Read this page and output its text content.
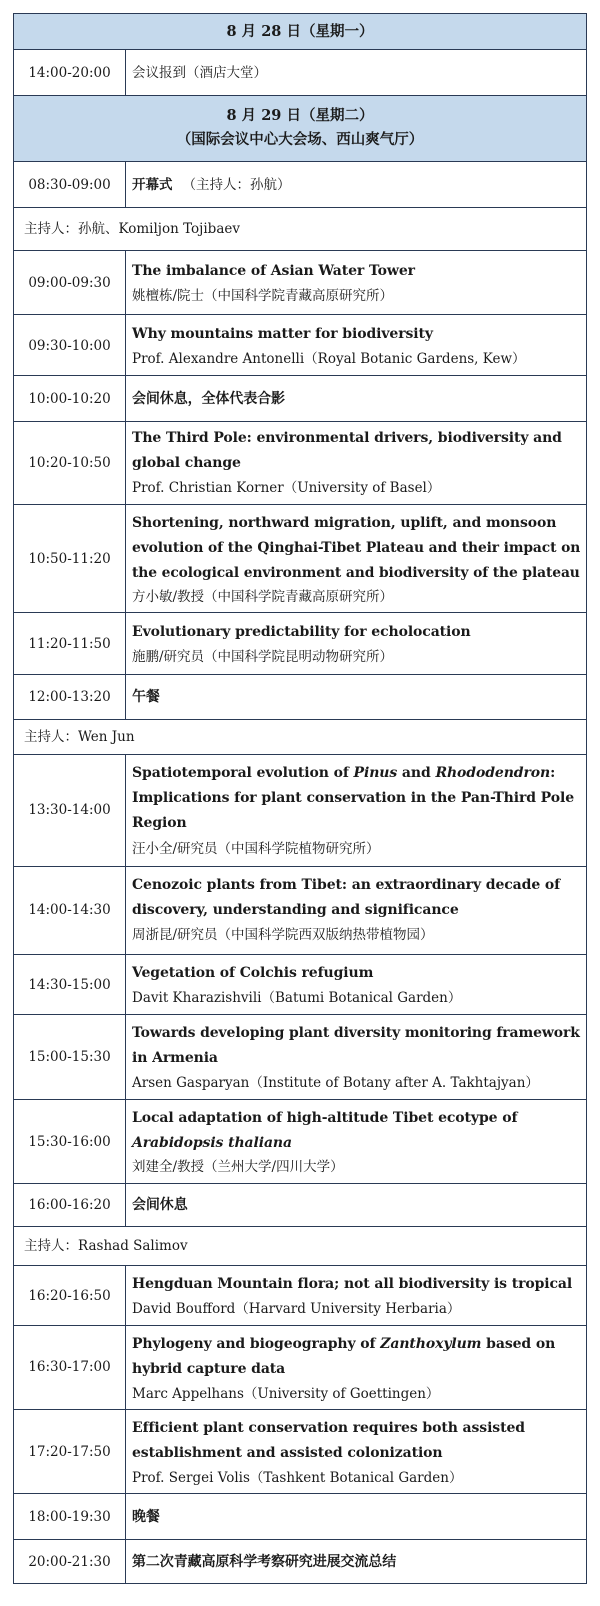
8 月 28 日（星期一）
14:00-20:00	会议报到（酒店大堂）
8 月 29 日（星期二）
（国际会议中心大会场、西山爽气厅）
08:30-09:00	开幕式 （主持人：孙航）
主持人：孙航、Komiljon Tojibaev
09:00-09:30
The imbalance of Asian Water Tower
姚檀栋/院士（中国科学院青藏高原研究所）
09:30-10:00
Why mountains matter for biodiversity
Prof. Alexandre Antonelli（Royal Botanic Gardens, Kew）
10:00-10:20	会间休息，全体代表合影
10:20-10:50
The Third Pole: environmental drivers, biodiversity and
global change
Prof. Christian Korner（University of Basel）
10:50-11:20
Shortening, northward migration, uplift, and monsoon
evolution of the Qinghai-Tibet Plateau and their impact on
the ecological environment and biodiversity of the plateau
方小敏/教授（中国科学院青藏高原研究所）
11:20-11:50
Evolutionary predictability for echolocation
施鹏/研究员（中国科学院昆明动物研究所）
12:00-13:20	午餐
主持人：Wen Jun
13:30-14:00
Spatiotemporal evolution of Pinus and Rhododendron:
Implications for plant conservation in the Pan-Third Pole
Region
汪小全/研究员（中国科学院植物研究所）
14:00-14:30
Cenozoic plants from Tibet: an extraordinary decade of
discovery, understanding and significance
周浙昆/研究员（中国科学院西双版纳热带植物园）
14:30-15:00
Vegetation of Colchis refugium
Davit Kharazishvili（Batumi Botanical Garden）
15:00-15:30
Towards developing plant diversity monitoring framework
in Armenia
Arsen Gasparyan（Institute of Botany after A. Takhtajyan）
15:30-16:00
Local adaptation of high-altitude Tibet ecotype of
Arabidopsis thaliana
刘建全/教授（兰州大学/四川大学）
16:00-16:20	会间休息
主持人：Rashad Salimov
16:20-16:50
Hengduan Mountain flora; not all biodiversity is tropical
David Boufford（Harvard University Herbaria）
16:30-17:00
Phylogeny and biogeography of Zanthoxylum based on
hybrid capture data
Marc Appelhans（University of Goettingen）
17:20-17:50
Efficient plant conservation requires both assisted
establishment and assisted colonization
Prof. Sergei Volis（Tashkent Botanical Garden）
18:00-19:30	晚餐
20:00-21:30	第二次青藏高原科学考察研究进展交流总结
